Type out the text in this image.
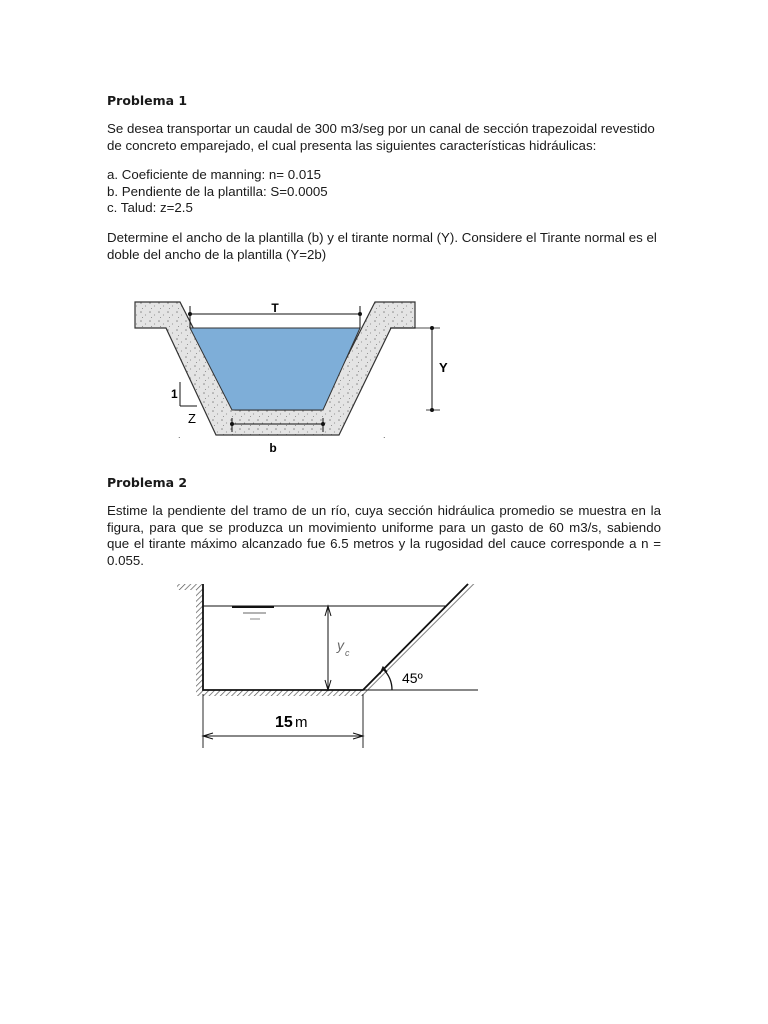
Problema 1
Se desea transportar un caudal de 300 m3/seg por un canal de sección trapezoidal revestido
de concreto emparejado, el cual presenta las siguientes características hidráulicas:
a. Coeficiente de manning: n= 0.015
b. Pendiente de la plantilla: S=0.0005
c. Talud: z=2.5
Determine el ancho de la plantilla (b) y el tirante normal (Y). Considere el Tirante normal es el
doble del ancho de la plantilla (Y=2b)
T
Y
1
Z
b
.	.
Problema 2
Estime la pendiente del tramo de un río, cuya sección hidráulica promedio se muestra en la figura, para que se produzca un movimiento uniforme para un gasto de 60 m3/s, sabiendo que el tirante máximo alcanzado fue 6.5 metros y la rugosidad del cauce corresponde a n = 0.055.
y c
45º
15 m
